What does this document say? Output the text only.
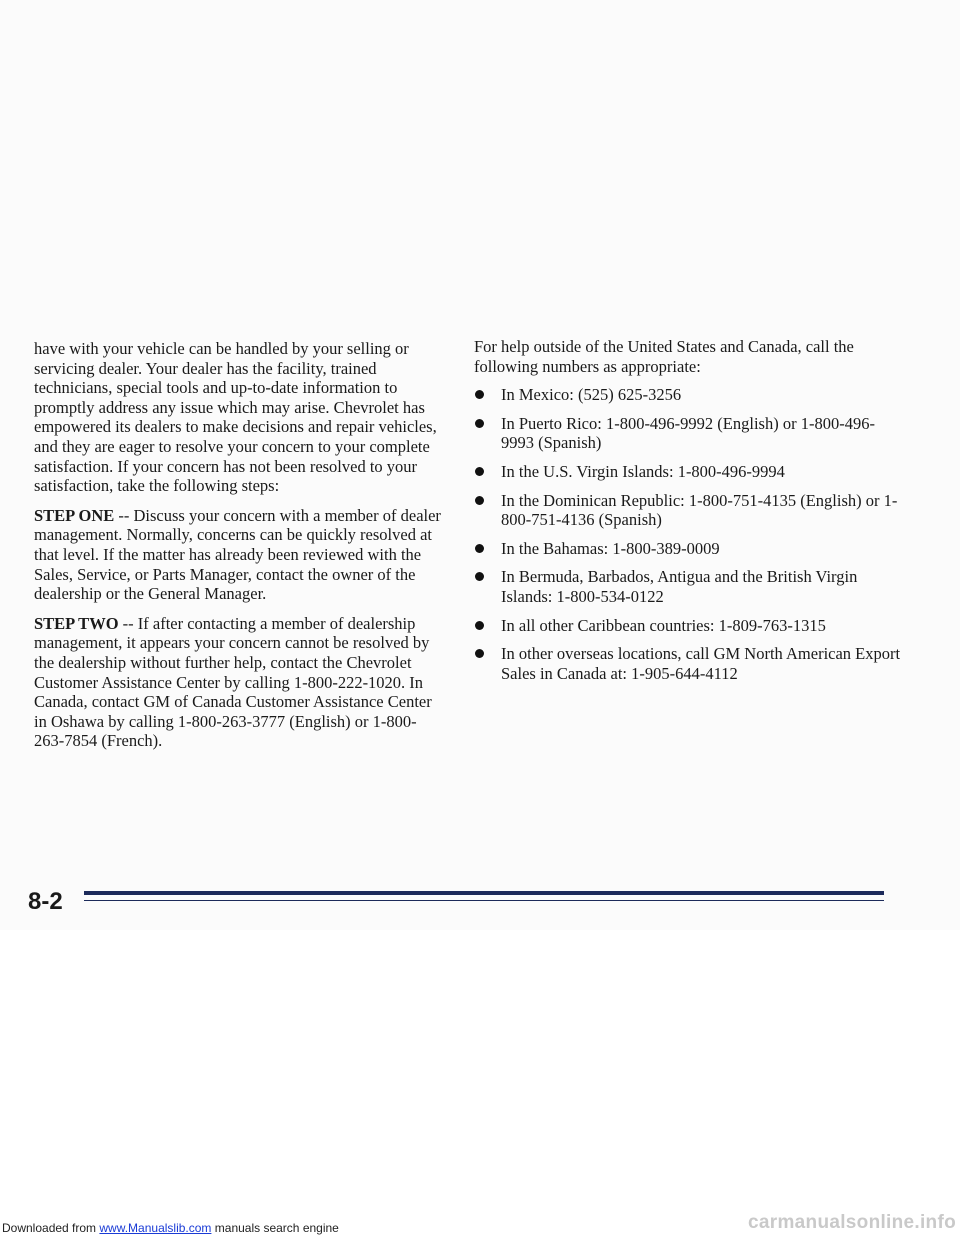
have with your vehicle can be handled by your selling or servicing dealer. Your dealer has the facility, trained technicians, special tools and up-to-date information to promptly address any issue which may arise. Chevrolet has empowered its dealers to make decisions and repair vehicles, and they are eager to resolve your concern to your complete satisfaction. If your concern has not been resolved to your satisfaction, take the following steps:

STEP ONE -- Discuss your concern with a member of dealer management. Normally, concerns can be quickly resolved at that level. If the matter has already been reviewed with the Sales, Service, or Parts Manager, contact the owner of the dealership or the General Manager.

STEP TWO -- If after contacting a member of dealership management, it appears your concern cannot be resolved by the dealership without further help, contact the Chevrolet Customer Assistance Center by calling 1-800-222-1020. In Canada, contact GM of Canada Customer Assistance Center in Oshawa by calling 1-800-263-3777 (English) or 1-800-263-7854 (French).

For help outside of the United States and Canada, call the following numbers as appropriate:

In Mexico: (525) 625-3256
In Puerto Rico: 1-800-496-9992 (English) or 1-800-496-9993 (Spanish)
In the U.S. Virgin Islands: 1-800-496-9994
In the Dominican Republic: 1-800-751-4135 (English) or 1-800-751-4136 (Spanish)
In the Bahamas: 1-800-389-0009
In Bermuda, Barbados, Antigua and the British Virgin Islands: 1-800-534-0122
In all other Caribbean countries: 1-809-763-1315
In other overseas locations, call GM North American Export Sales in Canada at: 1-905-644-4112
8-2
Downloaded from www.Manualslib.com manuals search engine	carmanualsonline.info
